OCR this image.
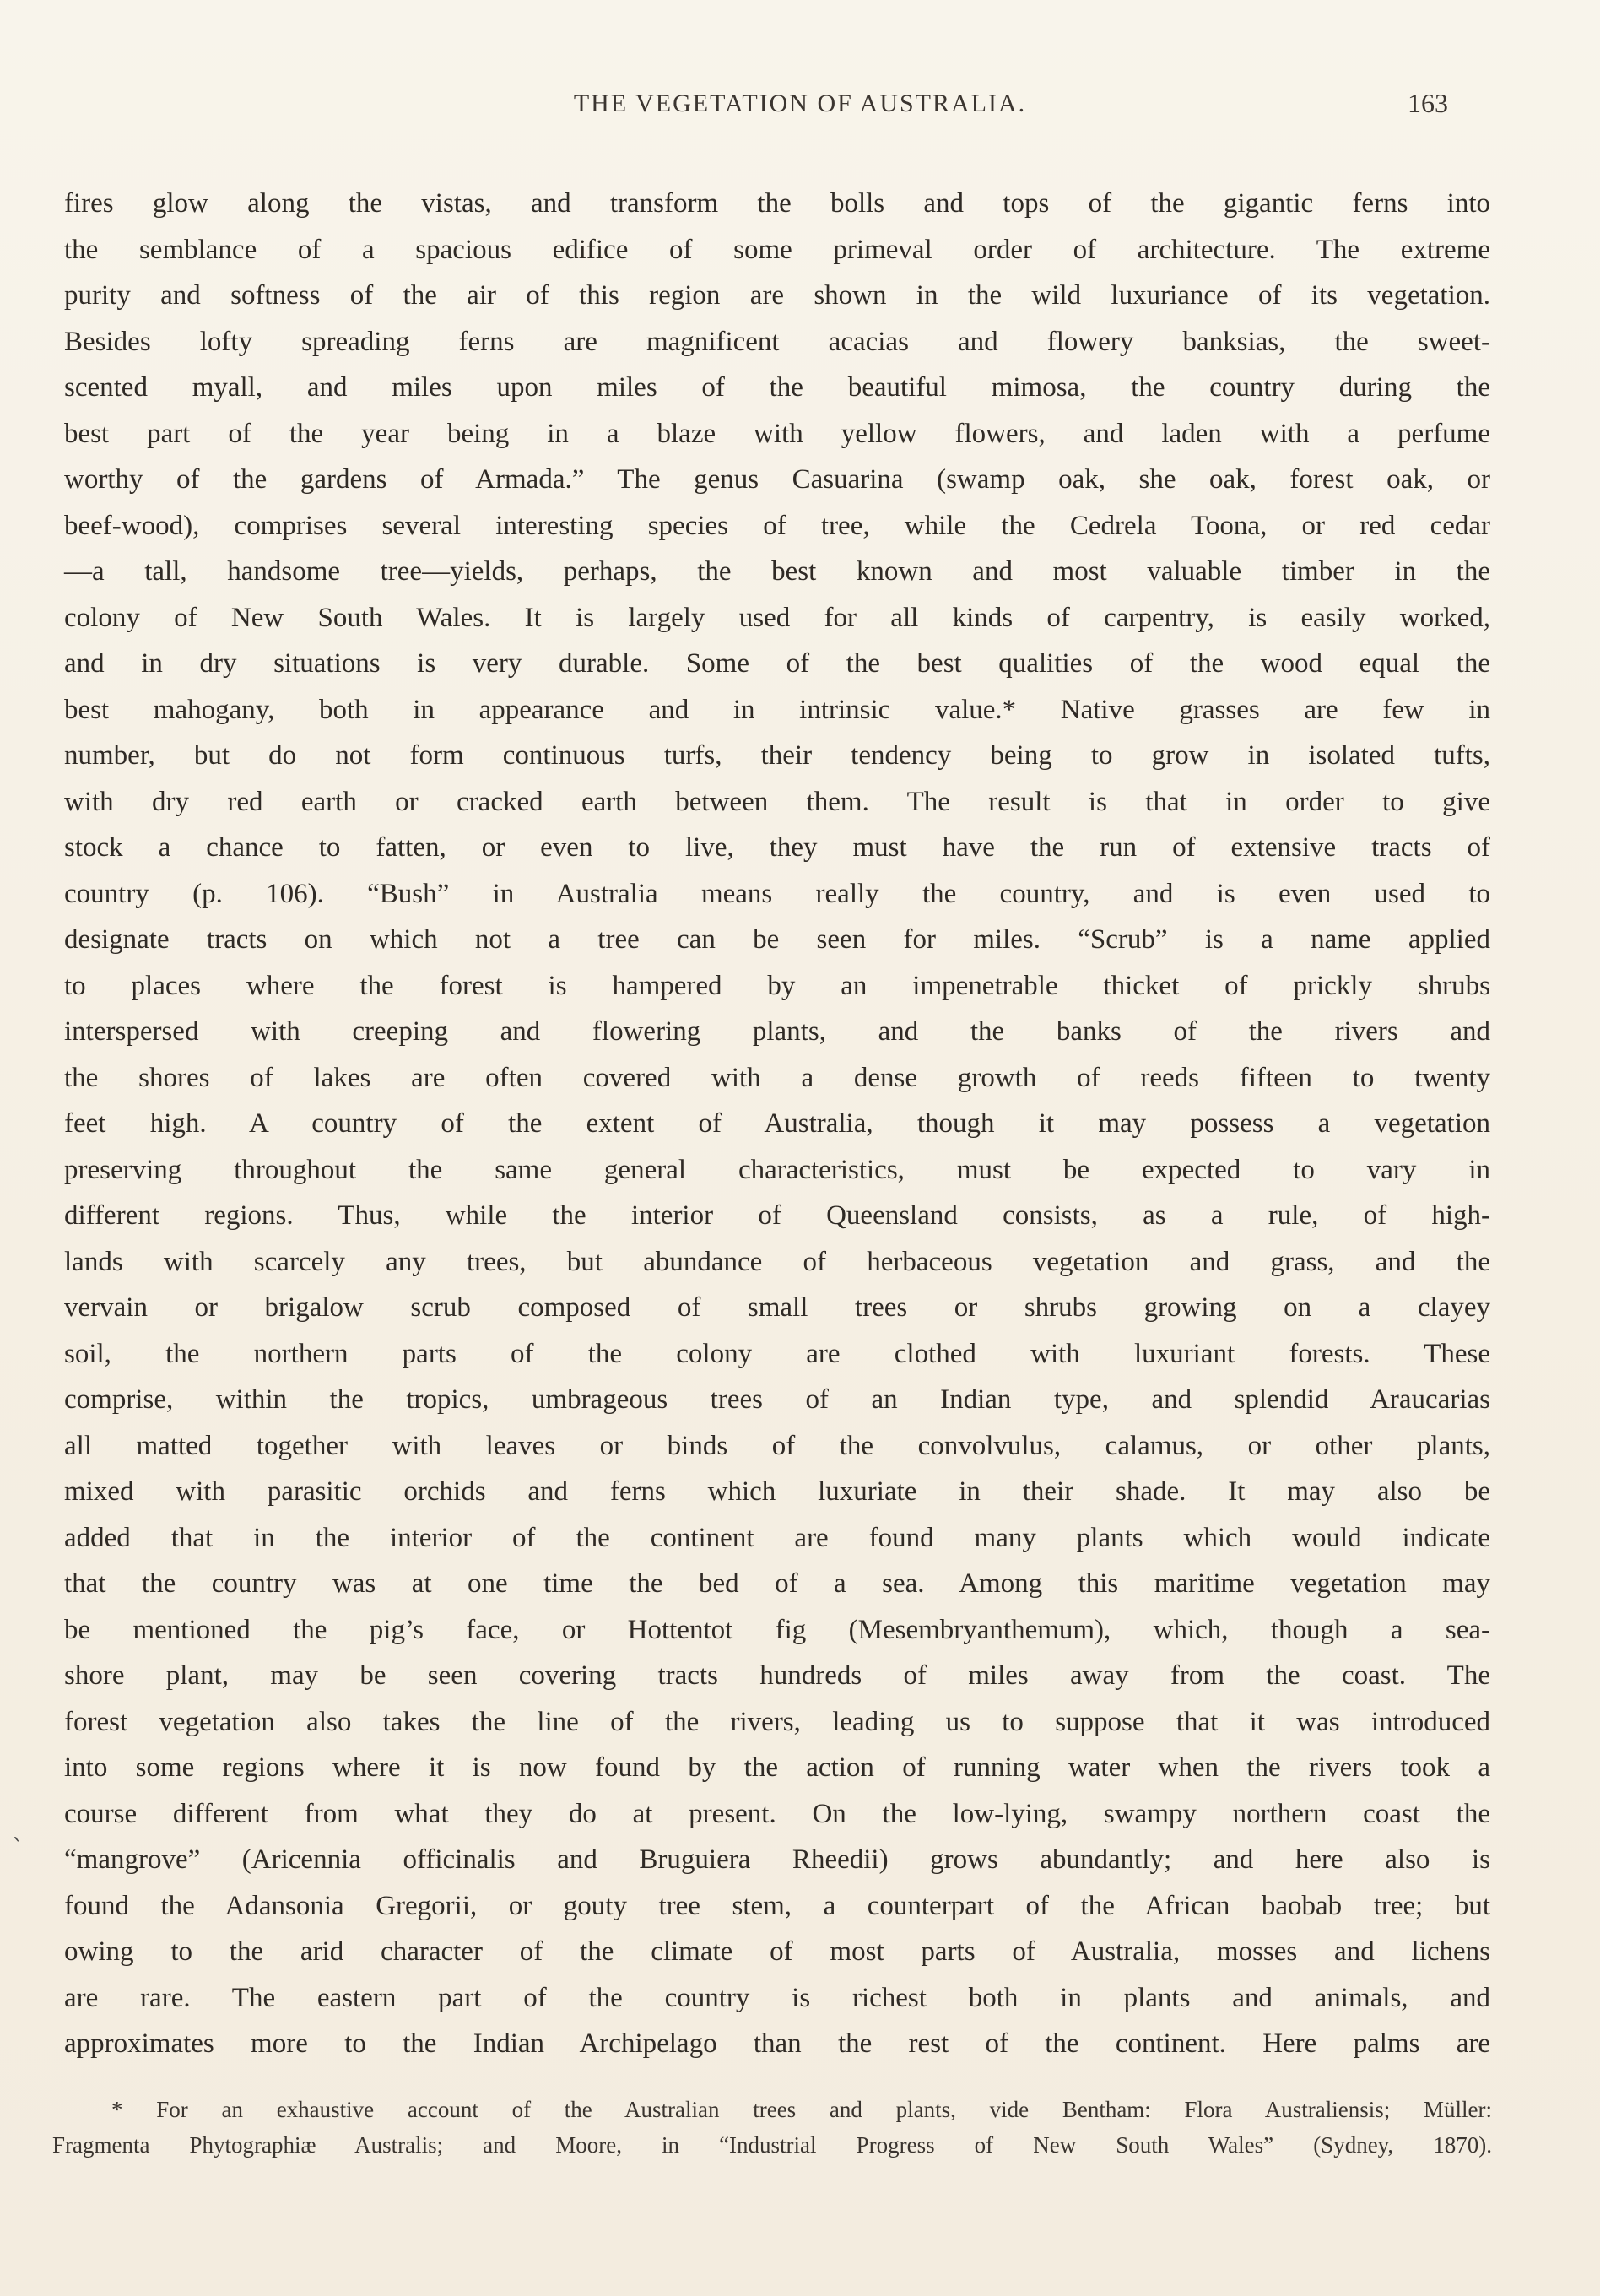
THE VEGETATION OF AUSTRALIA.	163
`
fires glow along the vistas, and transform the bolls and tops of the gigantic ferns into
the semblance of a spacious edifice of some primeval order of architecture. The extreme
purity and softness of the air of this region are shown in the wild luxuriance of its vegetation.
Besides lofty spreading ferns are magnificent acacias and flowery banksias, the sweet-
scented myall, and miles upon miles of the beautiful mimosa, the country during the
best part of the year being in a blaze with yellow flowers, and laden with a perfume
worthy of the gardens of Armada.” The genus Casuarina (swamp oak, she oak, forest oak, or
beef-wood), comprises several interesting species of tree, while the Cedrela Toona, or red cedar
—a tall, handsome tree—yields, perhaps, the best known and most valuable timber in the
colony of New South Wales. It is largely used for all kinds of carpentry, is easily worked,
and in dry situations is very durable. Some of the best qualities of the wood equal the
best mahogany, both in appearance and in intrinsic value.* Native grasses are few in
number, but do not form continuous turfs, their tendency being to grow in isolated tufts,
with dry red earth or cracked earth between them. The result is that in order to give
stock a chance to fatten, or even to live, they must have the run of extensive tracts of
country (p. 106). “Bush” in Australia means really the country, and is even used to
designate tracts on which not a tree can be seen for miles. “Scrub” is a name applied
to places where the forest is hampered by an impenetrable thicket of prickly shrubs
interspersed with creeping and flowering plants, and the banks of the rivers and
the shores of lakes are often covered with a dense growth of reeds fifteen to twenty
feet high. A country of the extent of Australia, though it may possess a vegetation
preserving throughout the same general characteristics, must be expected to vary in
different regions. Thus, while the interior of Queensland consists, as a rule, of high-
lands with scarcely any trees, but abundance of herbaceous vegetation and grass, and the
vervain or brigalow scrub composed of small trees or shrubs growing on a clayey
soil, the northern parts of the colony are clothed with luxuriant forests. These
comprise, within the tropics, umbrageous trees of an Indian type, and splendid Araucarias
all matted together with leaves or binds of the convolvulus, calamus, or other plants,
mixed with parasitic orchids and ferns which luxuriate in their shade. It may also be
added that in the interior of the continent are found many plants which would indicate
that the country was at one time the bed of a sea. Among this maritime vegetation may
be mentioned the pig’s face, or Hottentot fig (Mesembryanthemum), which, though a sea-
shore plant, may be seen covering tracts hundreds of miles away from the coast. The
forest vegetation also takes the line of the rivers, leading us to suppose that it was introduced
into some regions where it is now found by the action of running water when the rivers took a
course different from what they do at present. On the low-lying, swampy northern coast the
“mangrove” (Aricennia officinalis and Bruguiera Rheedii) grows abundantly; and here also is
found the Adansonia Gregorii, or gouty tree stem, a counterpart of the African baobab tree; but
owing to the arid character of the climate of most parts of Australia, mosses and lichens
are rare. The eastern part of the country is richest both in plants and animals, and
approximates more to the Indian Archipelago than the rest of the continent. Here palms are
* For an exhaustive account of the Australian trees and plants, vide Bentham: Flora Australiensis; Müller:
Fragmenta Phytographiæ Australis; and Moore, in “Industrial Progress of New South Wales” (Sydney, 1870).
